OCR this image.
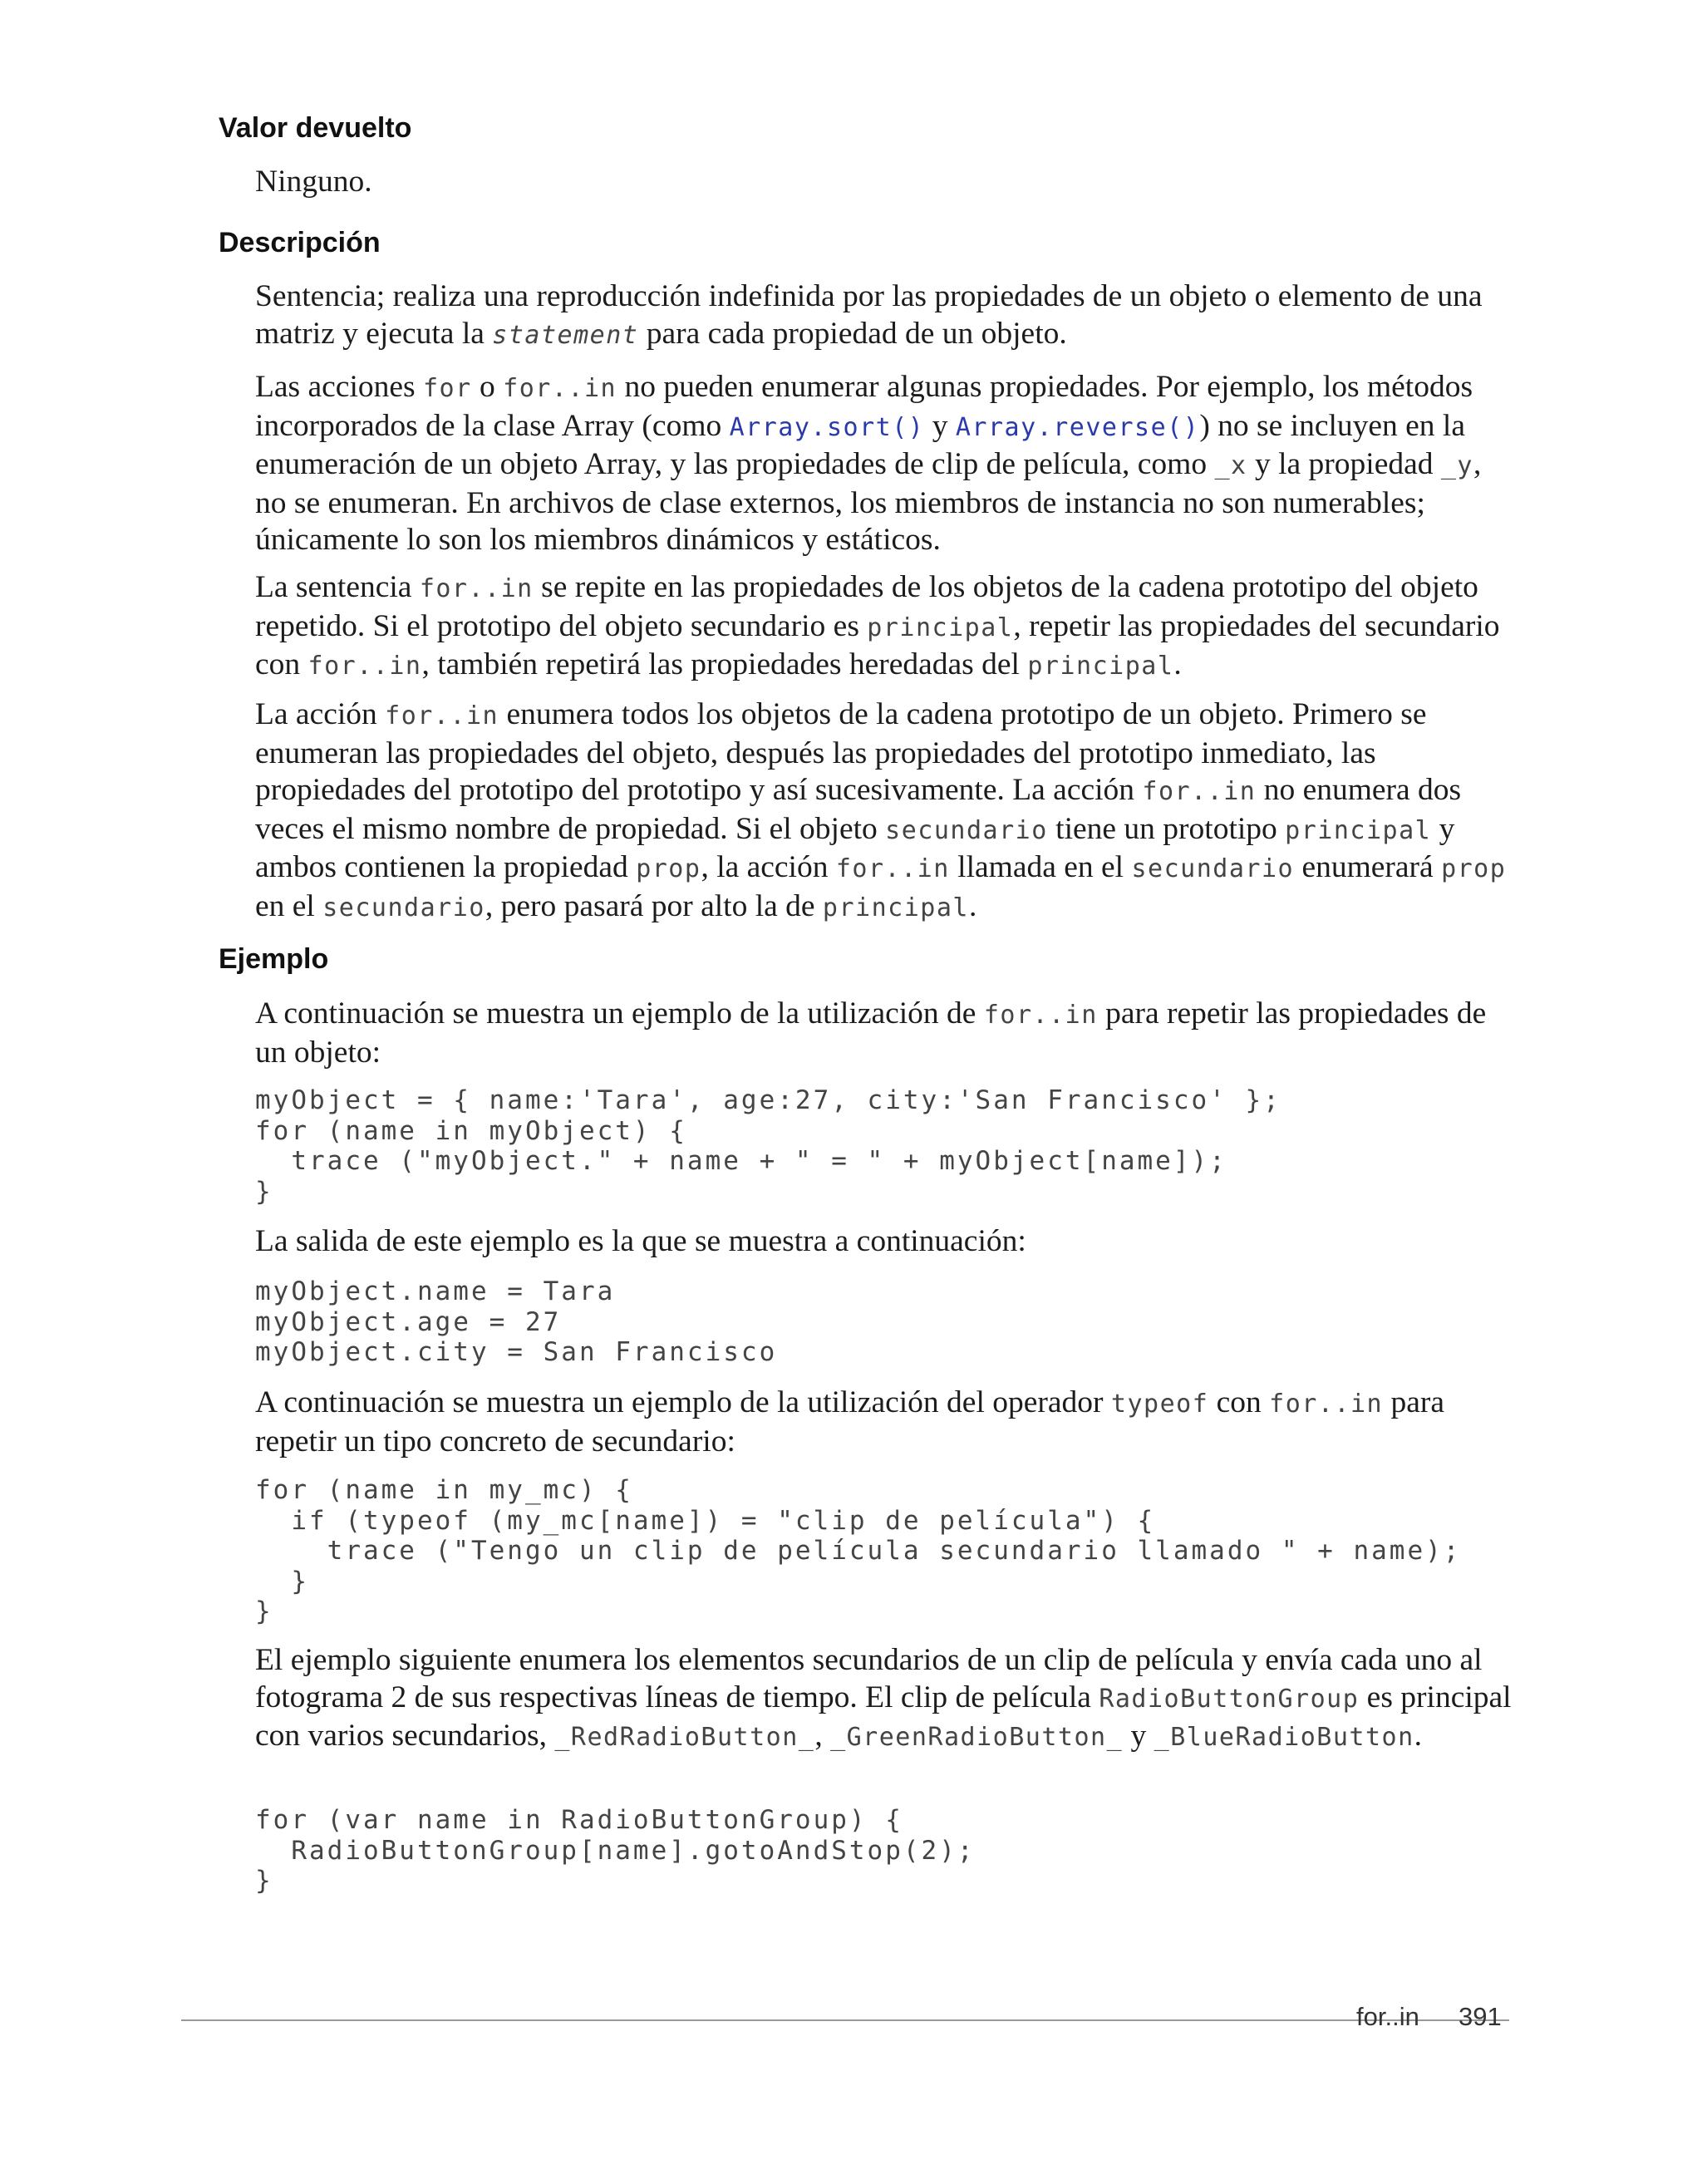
Valor devuelto
Ninguno.
Descripción
Sentencia; realiza una reproducción indefinida por las propiedades de un objeto o elemento de una matriz y ejecuta la statement para cada propiedad de un objeto.
Las acciones for o for..in no pueden enumerar algunas propiedades. Por ejemplo, los métodos incorporados de la clase Array (como Array.sort() y Array.reverse()) no se incluyen en la enumeración de un objeto Array, y las propiedades de clip de película, como _x y la propiedad _y, no se enumeran. En archivos de clase externos, los miembros de instancia no son numerables; únicamente lo son los miembros dinámicos y estáticos.
La sentencia for..in se repite en las propiedades de los objetos de la cadena prototipo del objeto repetido. Si el prototipo del objeto secundario es principal, repetir las propiedades del secundario con for..in, también repetirá las propiedades heredadas del principal.
La acción for..in enumera todos los objetos de la cadena prototipo de un objeto. Primero se enumeran las propiedades del objeto, después las propiedades del prototipo inmediato, las propiedades del prototipo del prototipo y así sucesivamente. La acción for..in no enumera dos veces el mismo nombre de propiedad. Si el objeto secundario tiene un prototipo principal y ambos contienen la propiedad prop, la acción for..in llamada en el secundario enumerará prop en el secundario, pero pasará por alto la de principal.
Ejemplo
A continuación se muestra un ejemplo de la utilización de for..in para repetir las propiedades de un objeto:
myObject = { name:'Tara', age:27, city:'San Francisco' };
for (name in myObject) {
trace ("myObject." + name + " = " + myObject[name]);
}
La salida de este ejemplo es la que se muestra a continuación:
myObject.name = Tara
myObject.age = 27
myObject.city = San Francisco
A continuación se muestra un ejemplo de la utilización del operador typeof con for..in para repetir un tipo concreto de secundario:
for (name in my_mc) {
if (typeof (my_mc[name]) = "clip de película") {
trace ("Tengo un clip de película secundario llamado " + name);
}
}
El ejemplo siguiente enumera los elementos secundarios de un clip de película y envía cada uno al fotograma 2 de sus respectivas líneas de tiempo. El clip de película RadioButtonGroup es principal con varios secundarios, _RedRadioButton_, _GreenRadioButton_ y _BlueRadioButton.
for (var name in RadioButtonGroup) {
RadioButtonGroup[name].gotoAndStop(2);
}
for..in 391
